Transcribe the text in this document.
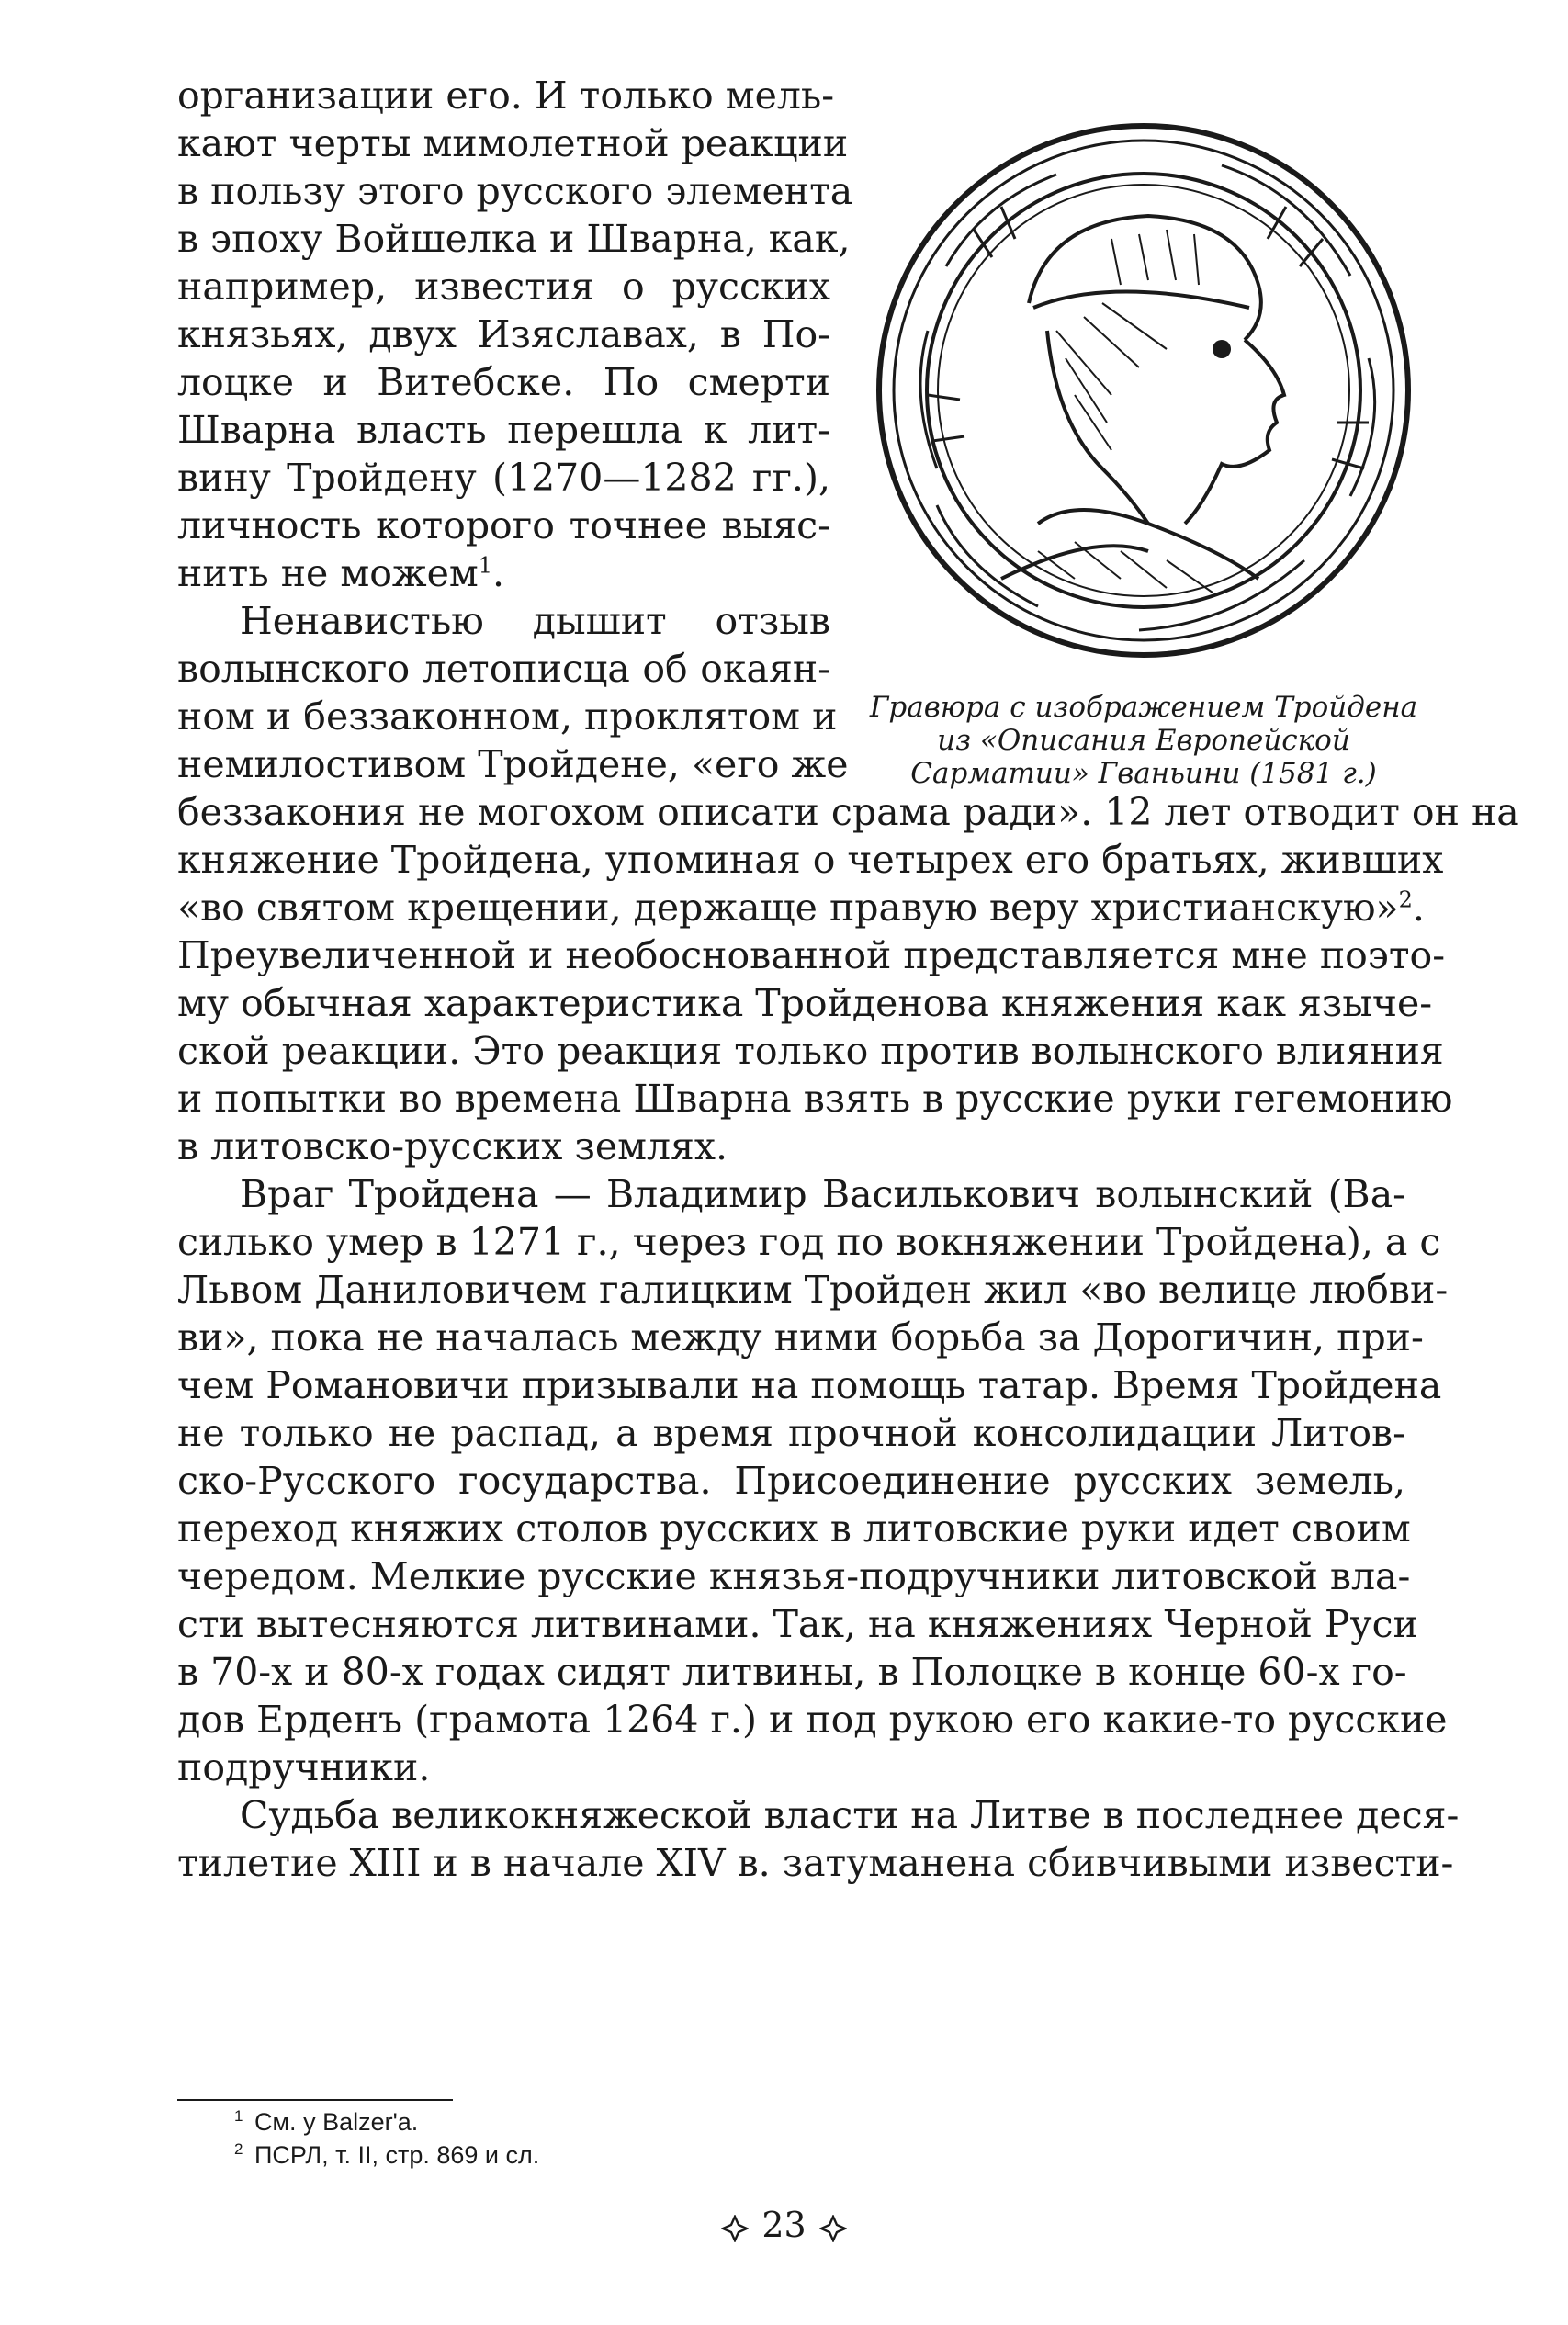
организации его. И только мель-
кают черты мимолетной реакции
в пользу этого русского элемента
в эпоху Войшелка и Шварна, как,
например, известия о русских
князьях, двух Изяславах, в По-
лоцке и Витебске. По смерти
Шварна власть перешла к лит-
вину Тройдену (1270—1282 гг.),
личность которого точнее выяс-
нить не можем$^1$.
Ненавистью дышит отзыв
волынского летописца об окаян-
ном и беззаконном, проклятом и
немилостивом Тройдене, «его же
беззакония не могохом описати срама ради». 12 лет отводит он на
княжение Тройдена, упоминая о четырех его братьях, живших
«во святом крещении, держаще правую веру христианскую»$^2$.
Преувеличенной и необоснованной представляется мне поэто-
му обычная характеристика Тройденова княжения как языче-
ской реакции. Это реакция только против волынского влияния
и попытки во времена Шварна взять в русские руки гегемонию
в литовско-русских землях.
Враг Тройдена — Владимир Василькович волынский (Ва-
силько умер в 1271 г., через год по вокняжении Тройдена), а с
Львом Даниловичем галицким Тройден жил «во велице любви-
ви», пока не началась между ними борьба за Дорогичин, при-
чем Романовичи призывали на помощь татар. Время Тройдена
не только не распад, а время прочной консолидации Литов-
ско-Русского государства. Присоединение русских земель,
переход княжих столов русских в литовские руки идет своим
чередом. Мелкие русские князья-подручники литовской вла-
сти вытесняются литвинами. Так, на княжениях Черной Руси
в 70-х и 80-х годах сидят литвины, в Полоцке в конце 60-х го-
дов Ерденъ (грамота 1264 г.) и под рукою его какие-то русские
подручники.
Судьба великокняжеской власти на Литве в последнее деся-
тилетие XIII и в начале XIV в. затуманена сбивчивыми извести-
Гравюра с изображением Тройдена
из «Описания Европейской
Сарматии» Гваньини (1581 г.)
1 См. у Balzer'a.
2 ПСРЛ, т. II, стр. 869 и сл.
23
